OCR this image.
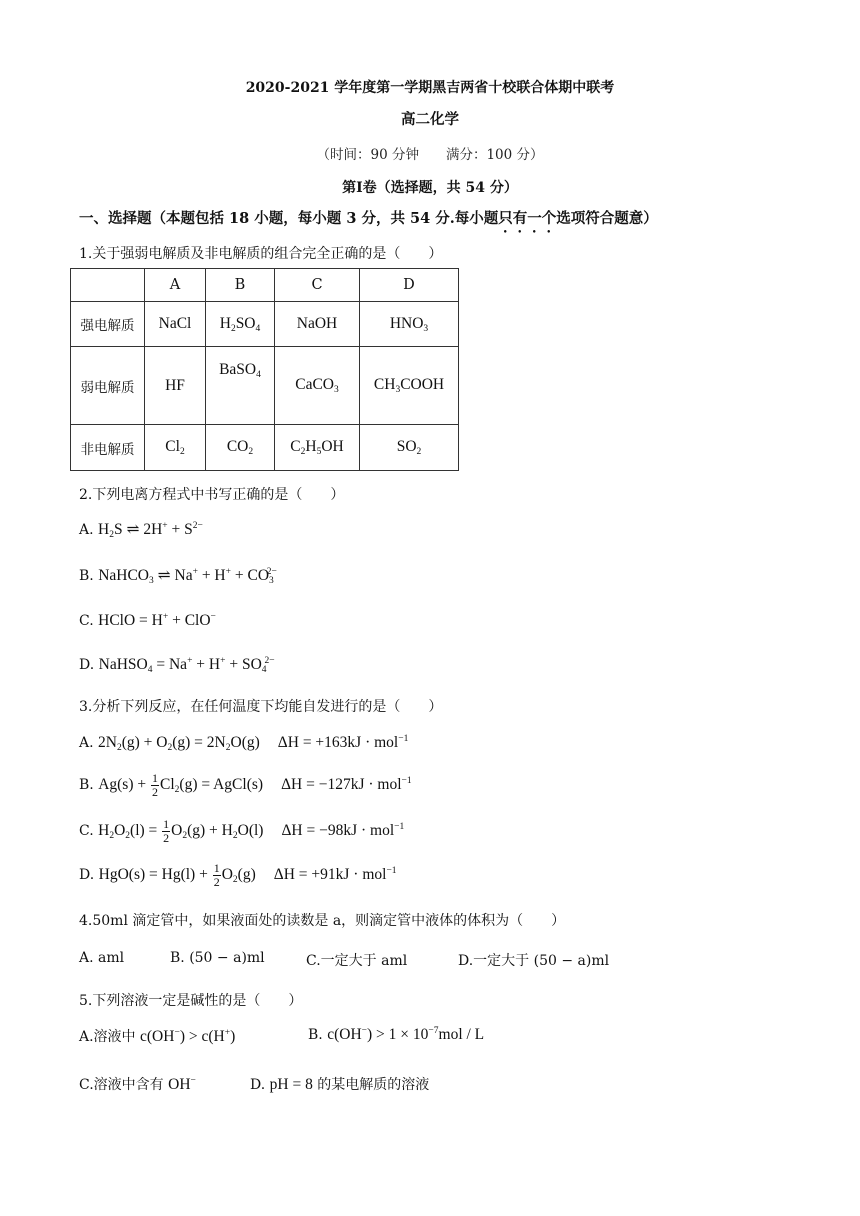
2020-2021 学年度第一学期黑吉两省十校联合体期中联考
高二化学
（时间：90 分钟　　满分：100 分）
第Ⅰ卷（选择题，共 54 分）
一、选择题（本题包括 18 小题，每小题 3 分，共 54 分.每小题只有一个选项符合题意）
1.关于强弱电解质及非电解质的组合完全正确的是（　　）
	A	B	C	D
强电解质	NaCl	$H_2SO_4$	NaOH	$HNO_3$
弱电解质	HF	BaSO$_4$	CaCO$_3$	$CH_3COOH$
非电解质	$Cl_2$	$CO_2$	$C_2H_5OH$	$SO_2$
2.下列电离方程式中书写正确的是（　　）
A. $H_2S$ ⇌ $2H^+ + S^{2-}$
B. NaHCO$_3$ ⇌ $Na^+ + H^+ + CO_3^{2-}$
C. HClO = H+ + ClO−
D. NaHSO$_4$ = $Na^+ + H^+ + SO_4^{2-}$
3.分析下列反应，在任何温度下均能自发进行的是（　　）
A. $2N_2(g) + O_2(g) = 2N_2O(g) \Delta H = +163kJ \cdot mol^{-1}$
B. $Ag(s) + \frac{1}{2} Cl_2(g)$ = AgCl(s) ΔH = −127kJ · mol$^{-1}$
C. $H_2O_2(l) = \frac{1}{2} O_2(g) + H_2O(l) \Delta H = -98kJ \cdot mol^{-1}$
D. $HgO(s) = Hg(l) + \frac{1}{2} O_2(g) \Delta H = +91kJ \cdot mol^{-1}$
4.50ml 滴定管中，如果液面处的读数是 a，则滴定管中液体的体积为（　　）
A. aml	B. (50 − a)ml	C.一定大于 aml	D.一定大于 (50 − a)ml
5.下列溶液一定是碱性的是（　　）
A.溶液中 c(OH−) > c(H+)	B. $c(OH^-) > 1 \times 10^{-7}mol / L$
C.溶液中含有 OH−	D. pH = 8 的某电解质的溶液
